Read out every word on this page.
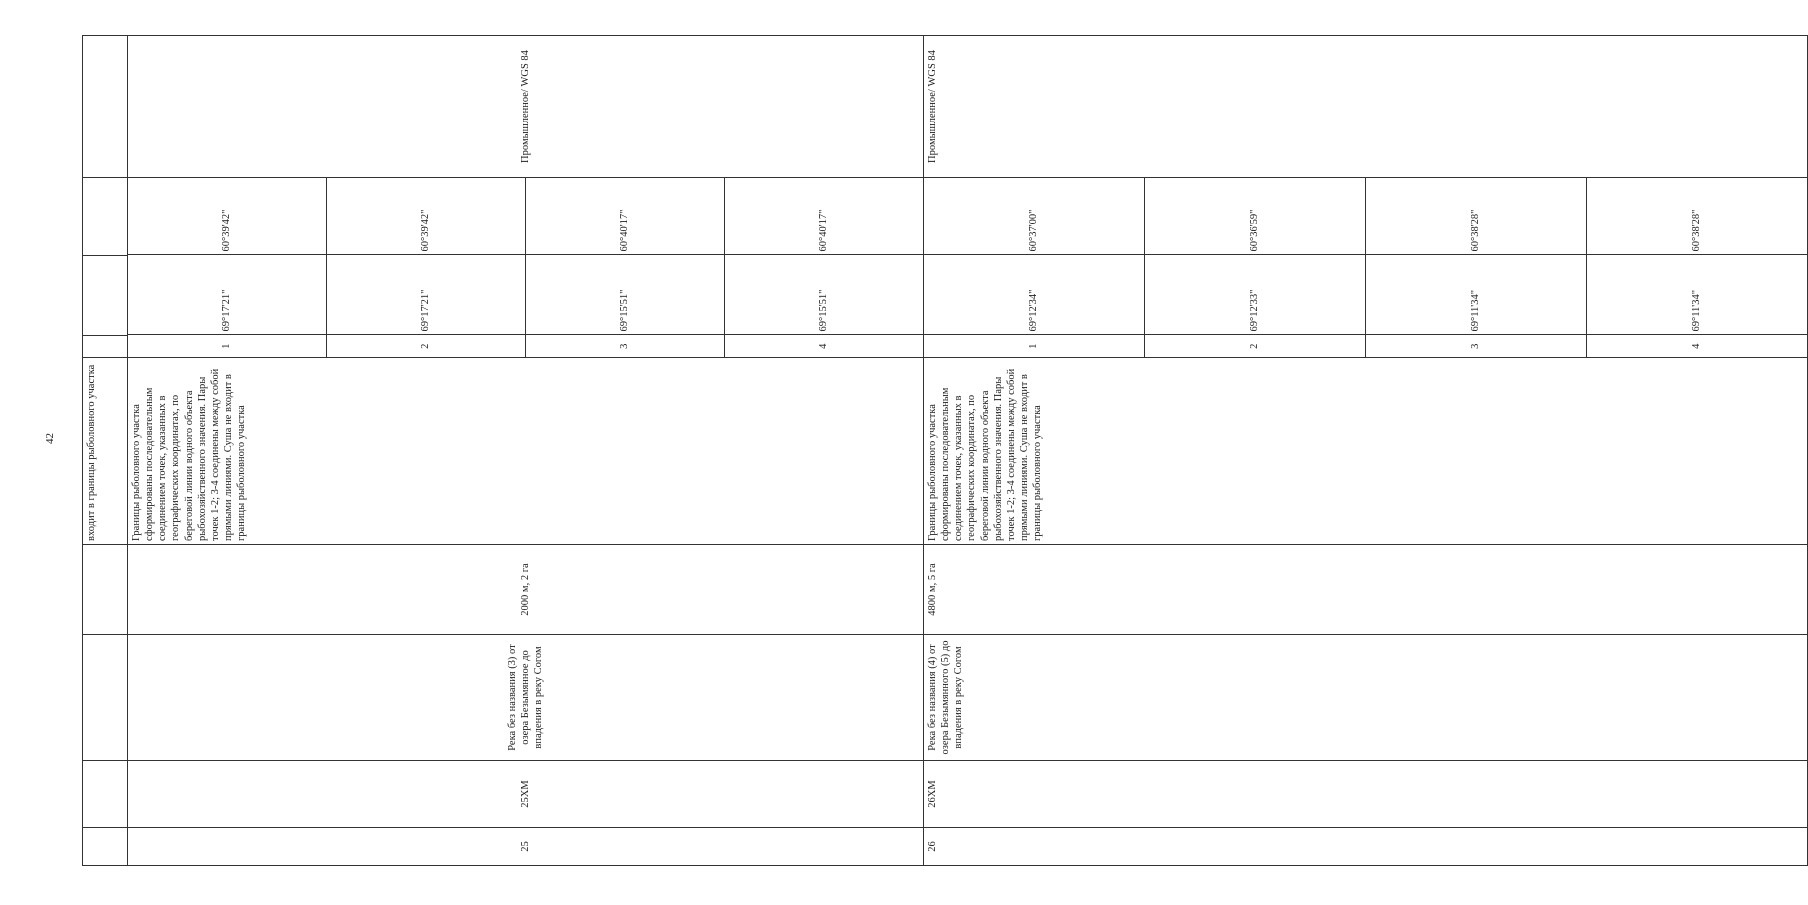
42
					входит в границы рыболовного участка				
25	25ХМ	Река без названия (3) от озера Безымянное до впадения в реку Согом	2000 м, 2 га	Границы рыболовного участка сформированы последовательным соединением точек, указанных в географических координатах, по береговой линии водного объекта рыбохозяйственного значения. Пары точек 1-2; 3-4 соединены между собой прямыми линиями. Суша не входит в границы рыболовного участка	
1	69°17'21"	60°39'42"
2	69°17'21"	60°39'42"
3	69°15'51"	60°40'17"
4	69°15'51"	60°40'17"
	Промышленное/ WGS 84
26	26ХМ	Река без названия (4) от озера Безымянного (5) до впадения в реку Согом	4800 м, 5 га	Границы рыболовного участка сформированы последовательным соединением точек, указанных в географических координатах, по береговой линии водного объекта рыбохозяйственного значения. Пары точек 1-2; 3-4 соединены между собой прямыми линиями. Суша не входит в границы рыболовного участка	
1	69°12'34"	60°37'00"
2	69°12'33"	60°36'59"
3	69°11'34"	60°38'28"
4	69°11'34"	60°38'28"
	Промышленное/ WGS 84
